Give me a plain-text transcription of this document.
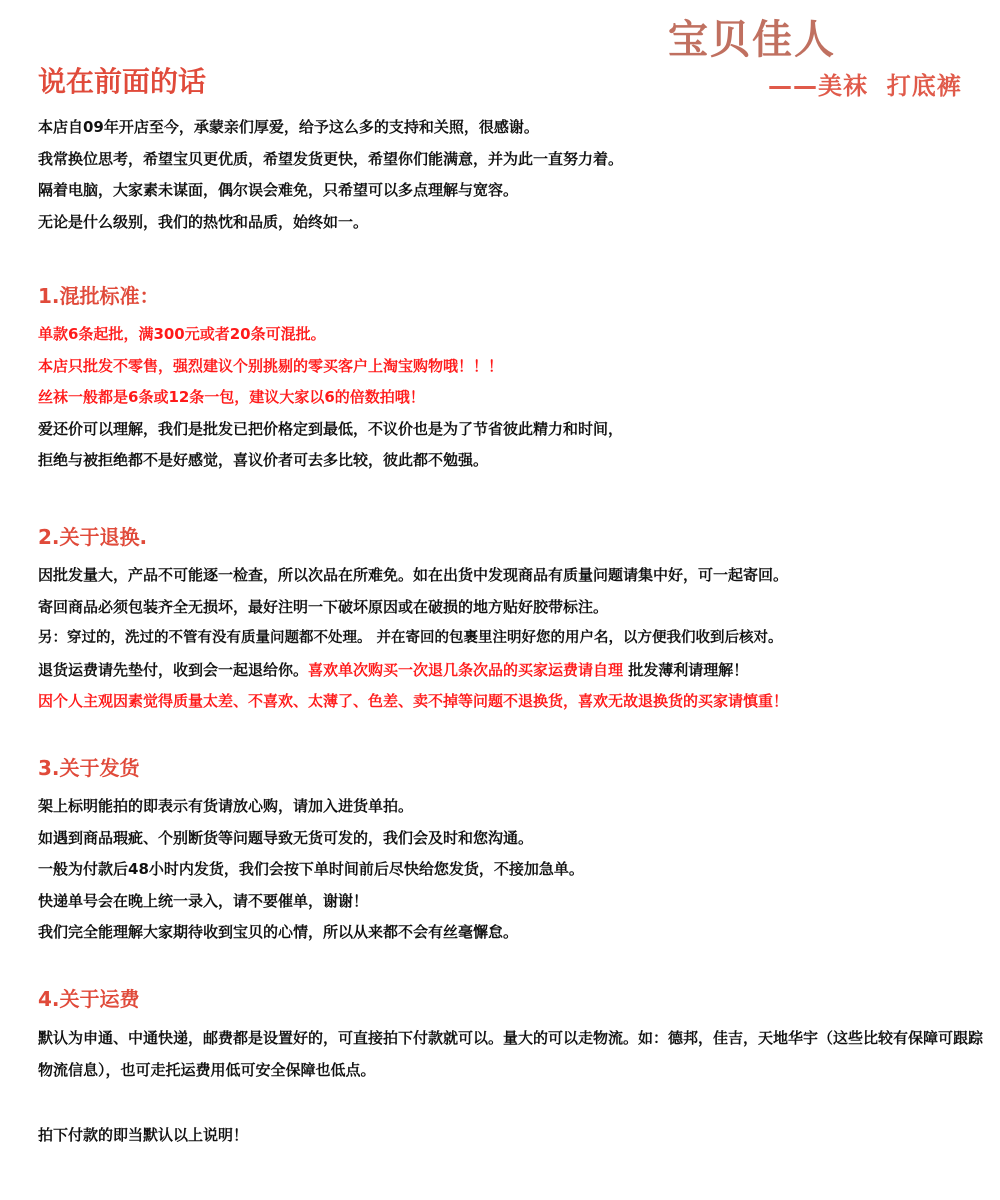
宝贝佳人
——美袜  打底裤
说在前面的话
本店自09年开店至今，承蒙亲们厚爱，给予这么多的支持和关照，很感谢。
我常换位思考，希望宝贝更优质，希望发货更快，希望你们能满意，并为此一直努力着。
隔着电脑，大家素未谋面，偶尔误会难免，只希望可以多点理解与宽容。
无论是什么级别，我们的热忱和品质，始终如一。
1.混批标准：
单款6条起批，满300元或者20条可混批。
本店只批发不零售，强烈建议个别挑剔的零买客户上淘宝购物哦！！！
丝袜一般都是6条或12条一包，建议大家以6的倍数拍哦！
爱还价可以理解，我们是批发已把价格定到最低，不议价也是为了节省彼此精力和时间，
拒绝与被拒绝都不是好感觉，喜议价者可去多比较，彼此都不勉强。
2.关于退换.
因批发量大，产品不可能逐一检查，所以次品在所难免。如在出货中发现商品有质量问题请集中好，可一起寄回。
寄回商品必须包装齐全无损坏，最好注明一下破坏原因或在破损的地方贴好胶带标注。
另：穿过的，洗过的不管有没有质量问题都不处理。 并在寄回的包裹里注明好您的用户名，以方便我们收到后核对。
退货运费请先垫付，收到会一起退给你。喜欢单次购买一次退几条次品的买家运费请自理 批发薄利请理解！
因个人主观因素觉得质量太差、不喜欢、太薄了、色差、卖不掉等问题不退换货，喜欢无故退换货的买家请慎重！
3.关于发货
架上标明能拍的即表示有货请放心购，请加入进货单拍。
如遇到商品瑕疵、个别断货等问题导致无货可发的，我们会及时和您沟通。
一般为付款后48小时内发货，我们会按下单时间前后尽快给您发货，不接加急单。
快递单号会在晚上统一录入，请不要催单，谢谢！
我们完全能理解大家期待收到宝贝的心情，所以从来都不会有丝毫懈怠。
4.关于运费
默认为申通、中通快递，邮费都是设置好的，可直接拍下付款就可以。量大的可以走物流。如：德邦，佳吉，天地华宇（这些比较有保障可跟踪物流信息），也可走托运费用低可安全保障也低点。
拍下付款的即当默认以上说明！
